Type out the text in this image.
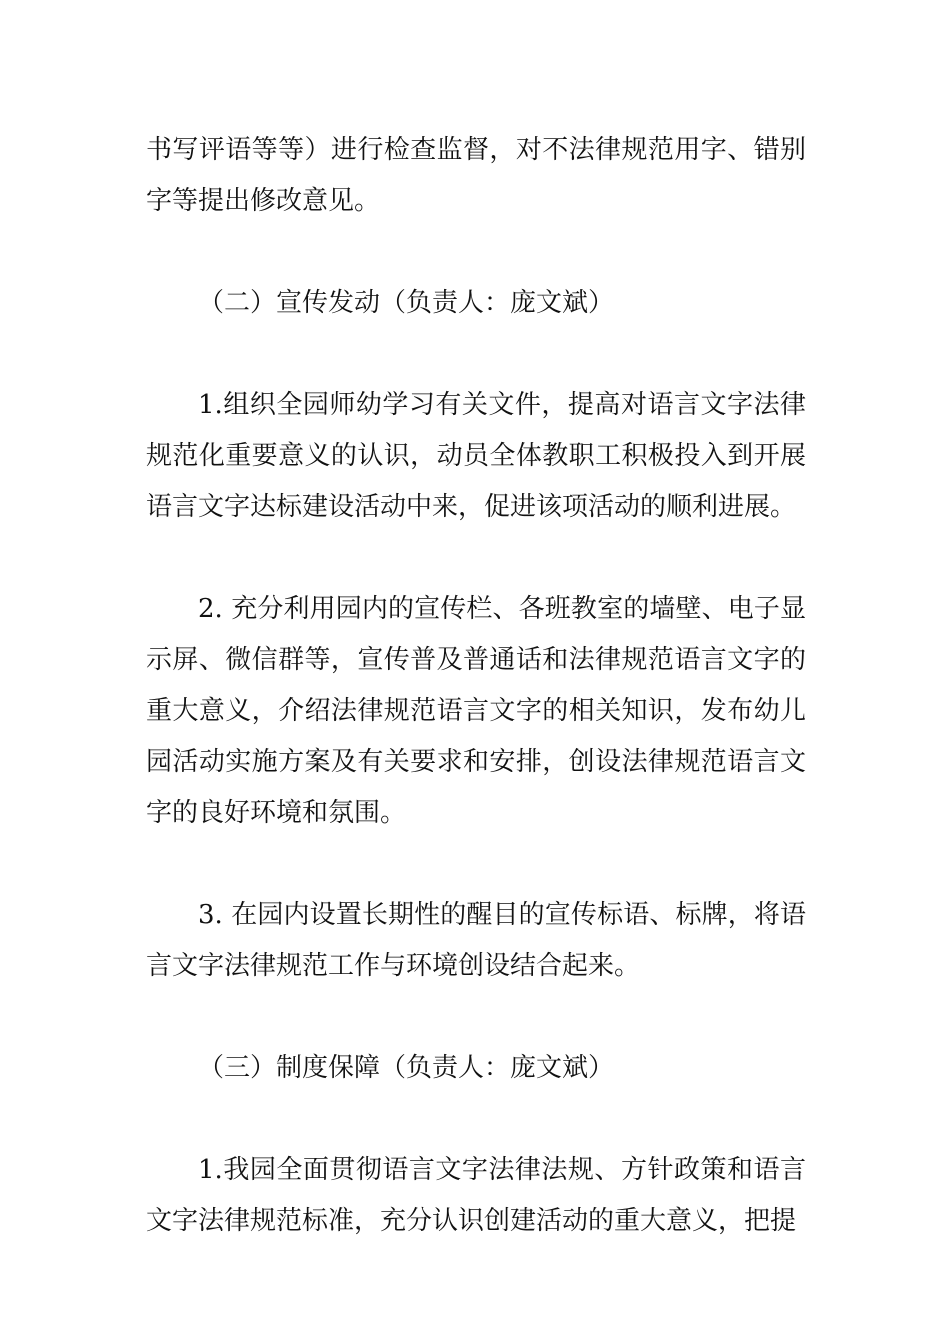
书写评语等等）进行检查监督，对不法律规范用字、错别字等提出修改意见。

（二）宣传发动（负责人：庞文斌）

1.组织全园师幼学习有关文件，提高对语言文字法律规范化重要意义的认识，动员全体教职工积极投入到开展语言文字达标建设活动中来，促进该项活动的顺利进展。

2. 充分利用园内的宣传栏、各班教室的墙壁、电子显示屏、微信群等，宣传普及普通话和法律规范语言文字的重大意义，介绍法律规范语言文字的相关知识，发布幼儿园活动实施方案及有关要求和安排，创设法律规范语言文字的良好环境和氛围。

3. 在园内设置长期性的醒目的宣传标语、标牌，将语言文字法律规范工作与环境创设结合起来。

（三）制度保障（负责人：庞文斌）

1.我园全面贯彻语言文字法律法规、方针政策和语言文字法律规范标准，充分认识创建活动的重大意义，把提
